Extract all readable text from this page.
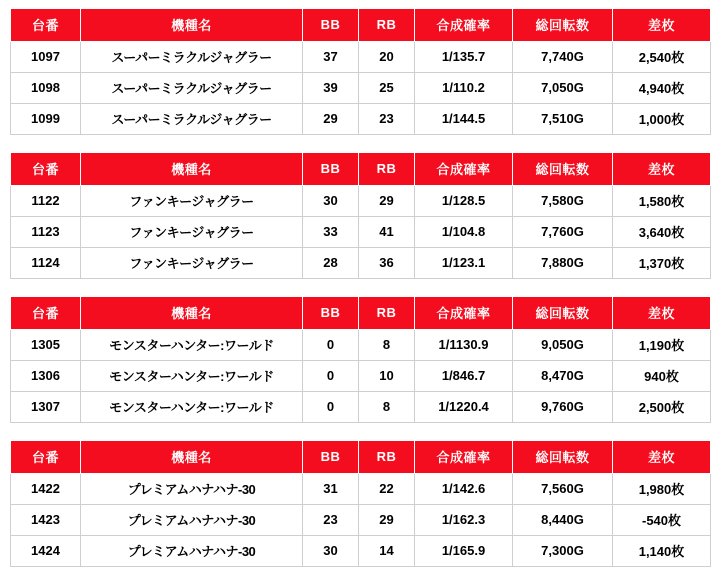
台番	機種名	BB	RB	合成確率	総回転数	差枚
1097	スーパーミラクルジャグラー	37	20	1/135.7	7,740G	2,540枚
1098	スーパーミラクルジャグラー	39	25	1/110.2	7,050G	4,940枚
1099	スーパーミラクルジャグラー	29	23	1/144.5	7,510G	1,000枚
台番	機種名	BB	RB	合成確率	総回転数	差枚
1122	ファンキージャグラー	30	29	1/128.5	7,580G	1,580枚
1123	ファンキージャグラー	33	41	1/104.8	7,760G	3,640枚
1124	ファンキージャグラー	28	36	1/123.1	7,880G	1,370枚
台番	機種名	BB	RB	合成確率	総回転数	差枚
1305	モンスターハンター:ワールド	0	8	1/1130.9	9,050G	1,190枚
1306	モンスターハンター:ワールド	0	10	1/846.7	8,470G	940枚
1307	モンスターハンター:ワールド	0	8	1/1220.4	9,760G	2,500枚
台番	機種名	BB	RB	合成確率	総回転数	差枚
1422	プレミアムハナハナ-30	31	22	1/142.6	7,560G	1,980枚
1423	プレミアムハナハナ-30	23	29	1/162.3	8,440G	-540枚
1424	プレミアムハナハナ-30	30	14	1/165.9	7,300G	1,140枚
